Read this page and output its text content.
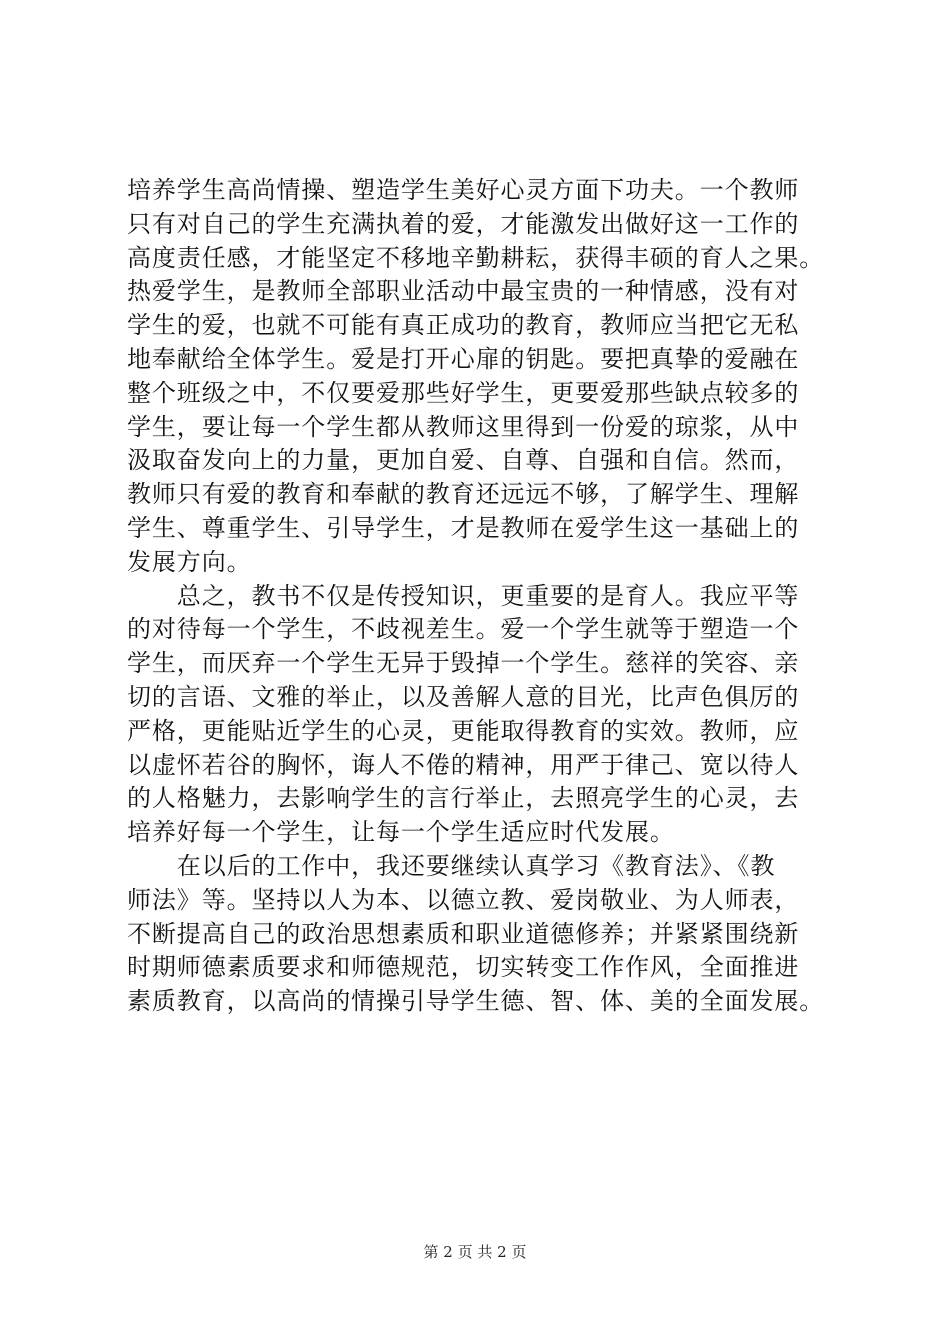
培养学生高尚情操、塑造学生美好心灵方面下功夫。一个教师
只有对自己的学生充满执着的爱，才能激发出做好这一工作的
高度责任感，才能坚定不移地辛勤耕耘，获得丰硕的育人之果。
热爱学生，是教师全部职业活动中最宝贵的一种情感，没有对
学生的爱，也就不可能有真正成功的教育，教师应当把它无私
地奉献给全体学生。爱是打开心扉的钥匙。要把真挚的爱融在
整个班级之中，不仅要爱那些好学生，更要爱那些缺点较多的
学生，要让每一个学生都从教师这里得到一份爱的琼浆，从中
汲取奋发向上的力量，更加自爱、自尊、自强和自信。然而，
教师只有爱的教育和奉献的教育还远远不够，了解学生、理解
学生、尊重学生、引导学生，才是教师在爱学生这一基础上的
发展方向。
　　总之，教书不仅是传授知识，更重要的是育人。我应平等
的对待每一个学生，不歧视差生。爱一个学生就等于塑造一个
学生，而厌弃一个学生无异于毁掉一个学生。慈祥的笑容、亲
切的言语、文雅的举止，以及善解人意的目光，比声色俱厉的
严格，更能贴近学生的心灵，更能取得教育的实效。教师，应
以虚怀若谷的胸怀，诲人不倦的精神，用严于律己、宽以待人
的人格魅力，去影响学生的言行举止，去照亮学生的心灵，去
培养好每一个学生，让每一个学生适应时代发展。
　　在以后的工作中，我还要继续认真学习《教育法》、《教
师法》等。坚持以人为本、以德立教、爱岗敬业、为人师表，
不断提高自己的政治思想素质和职业道德修养；并紧紧围绕新
时期师德素质要求和师德规范，切实转变工作作风，全面推进
素质教育，以高尚的情操引导学生德、智、体、美的全面发展。
第 2 页 共 2 页
